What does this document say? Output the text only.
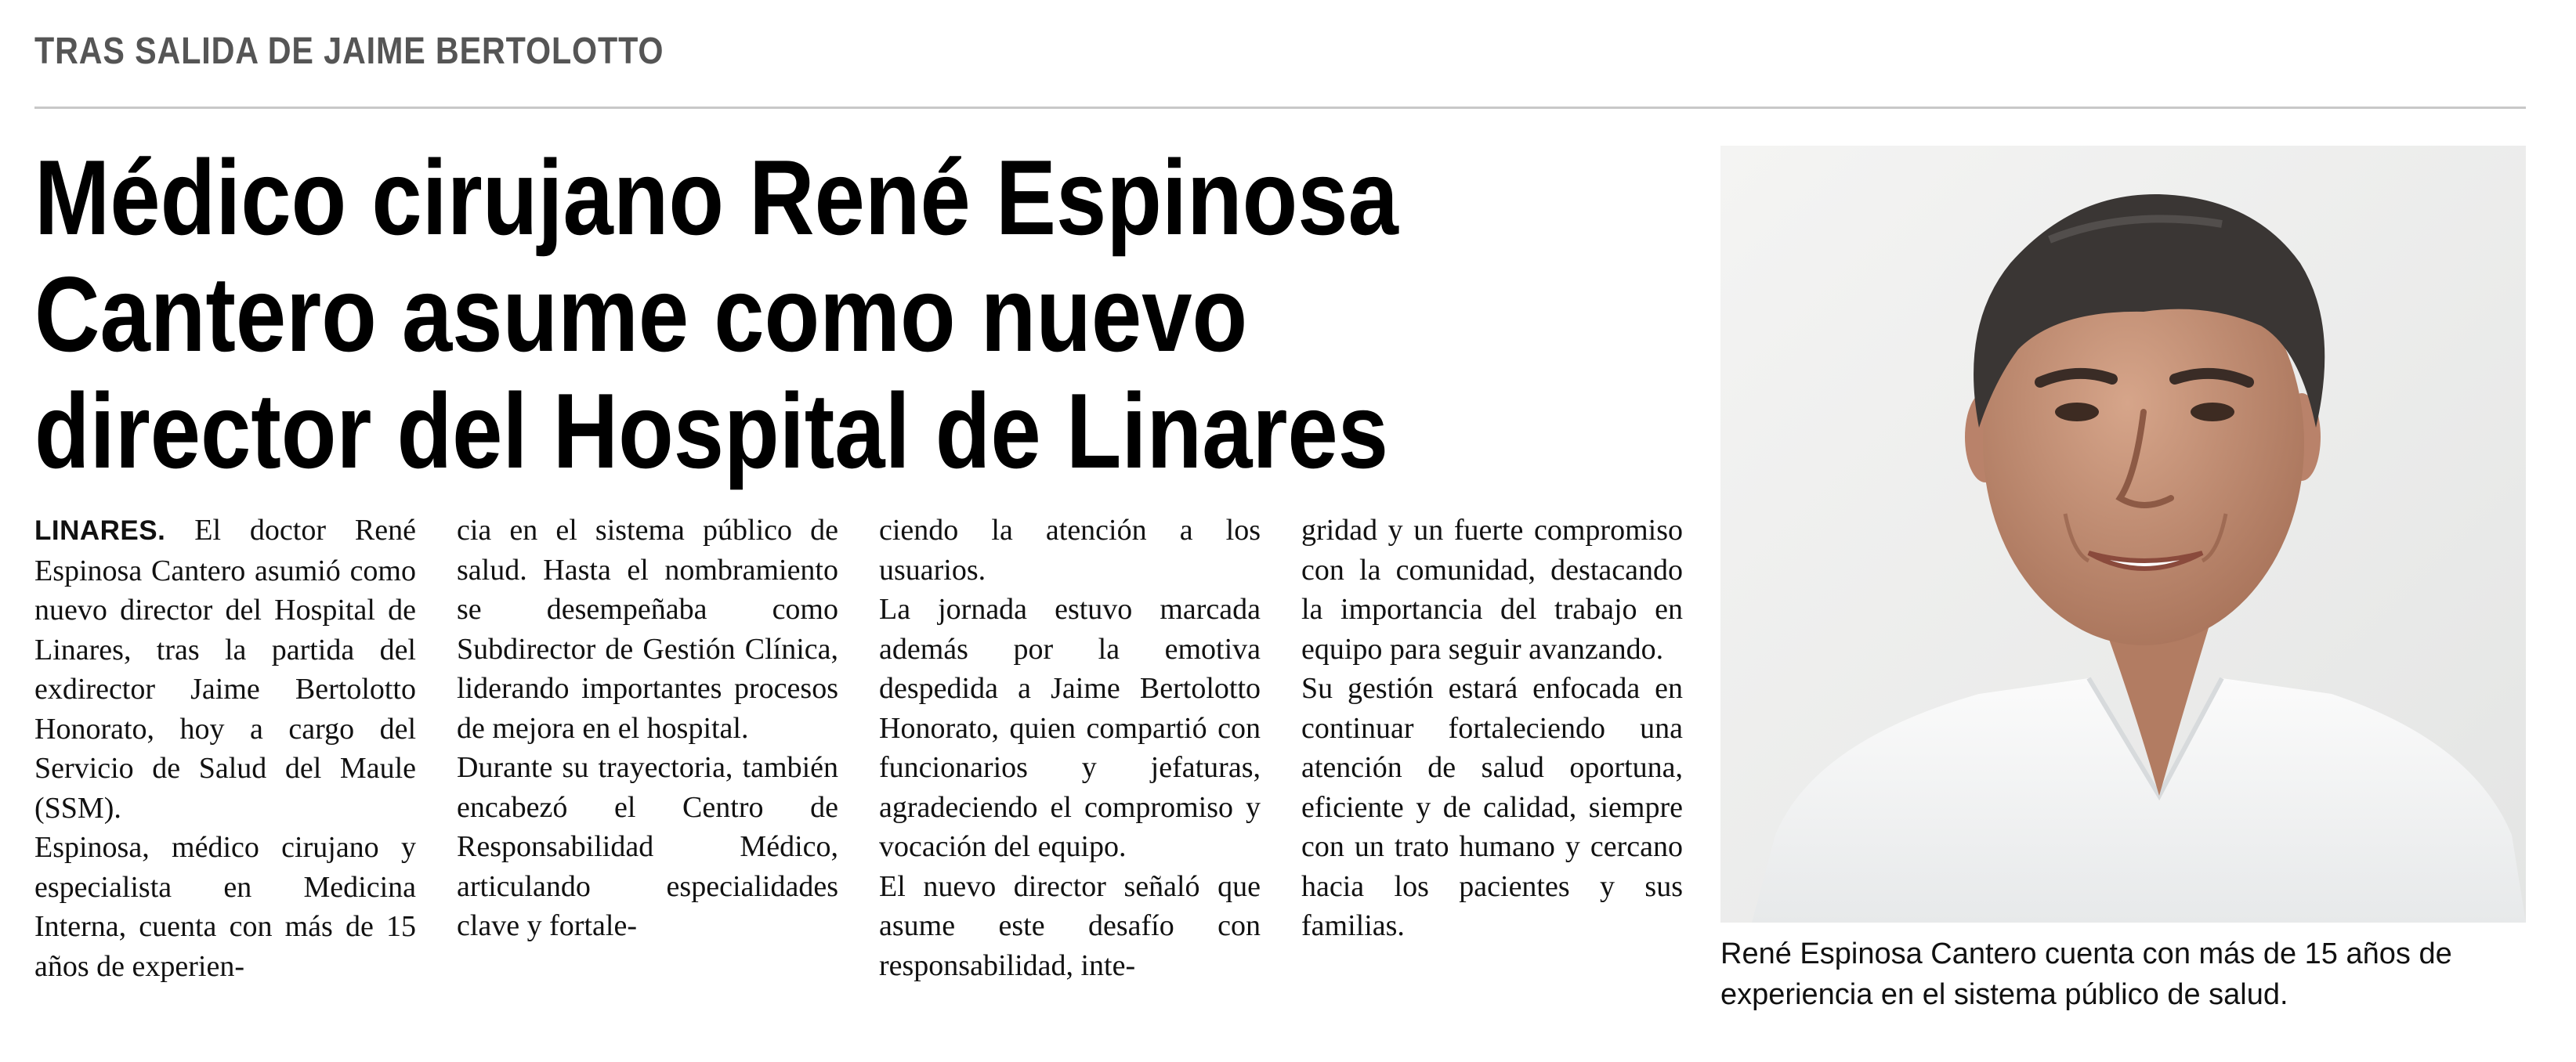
TRAS SALIDA DE JAIME BERTOLOTTO
Médico cirujano René Espinosa
Cantero asume como nuevo
director del Hospital de Linares

LINARES. El doctor René Espinosa Cantero asumió como nuevo director del Hospital de Linares, tras la partida del exdirector Jaime Bertolotto Honorato, hoy a cargo del Servicio de Salud del Maule (SSM).

Espinosa, médico cirujano y especialista en Medicina Interna, cuenta con más de 15 años de experien-

cia en el sistema público de salud. Hasta el nombramiento se desempeñaba como Subdirector de Gestión Clínica, liderando importantes procesos de mejora en el hospital.

Durante su trayectoria, también encabezó el Centro de Responsabilidad Médico, articulando especialidades clave y fortale-

ciendo la atención a los usuarios.

La jornada estuvo marcada además por la emotiva despedida a Jaime Bertolotto Honorato, quien compartió con funcionarios y jefaturas, agradeciendo el compromiso y vocación del equipo.

El nuevo director señaló que asume este desafío con responsabilidad, inte-

gridad y un fuerte compromiso con la comunidad, destacando la importancia del trabajo en equipo para seguir avanzando.

Su gestión estará enfocada en continuar fortaleciendo una atención de salud oportuna, eficiente y de calidad, siempre con un trato humano y cercano hacia los pacientes y sus familias.

René Espinosa Cantero cuenta con más de 15 años de experiencia en el sistema público de salud.
